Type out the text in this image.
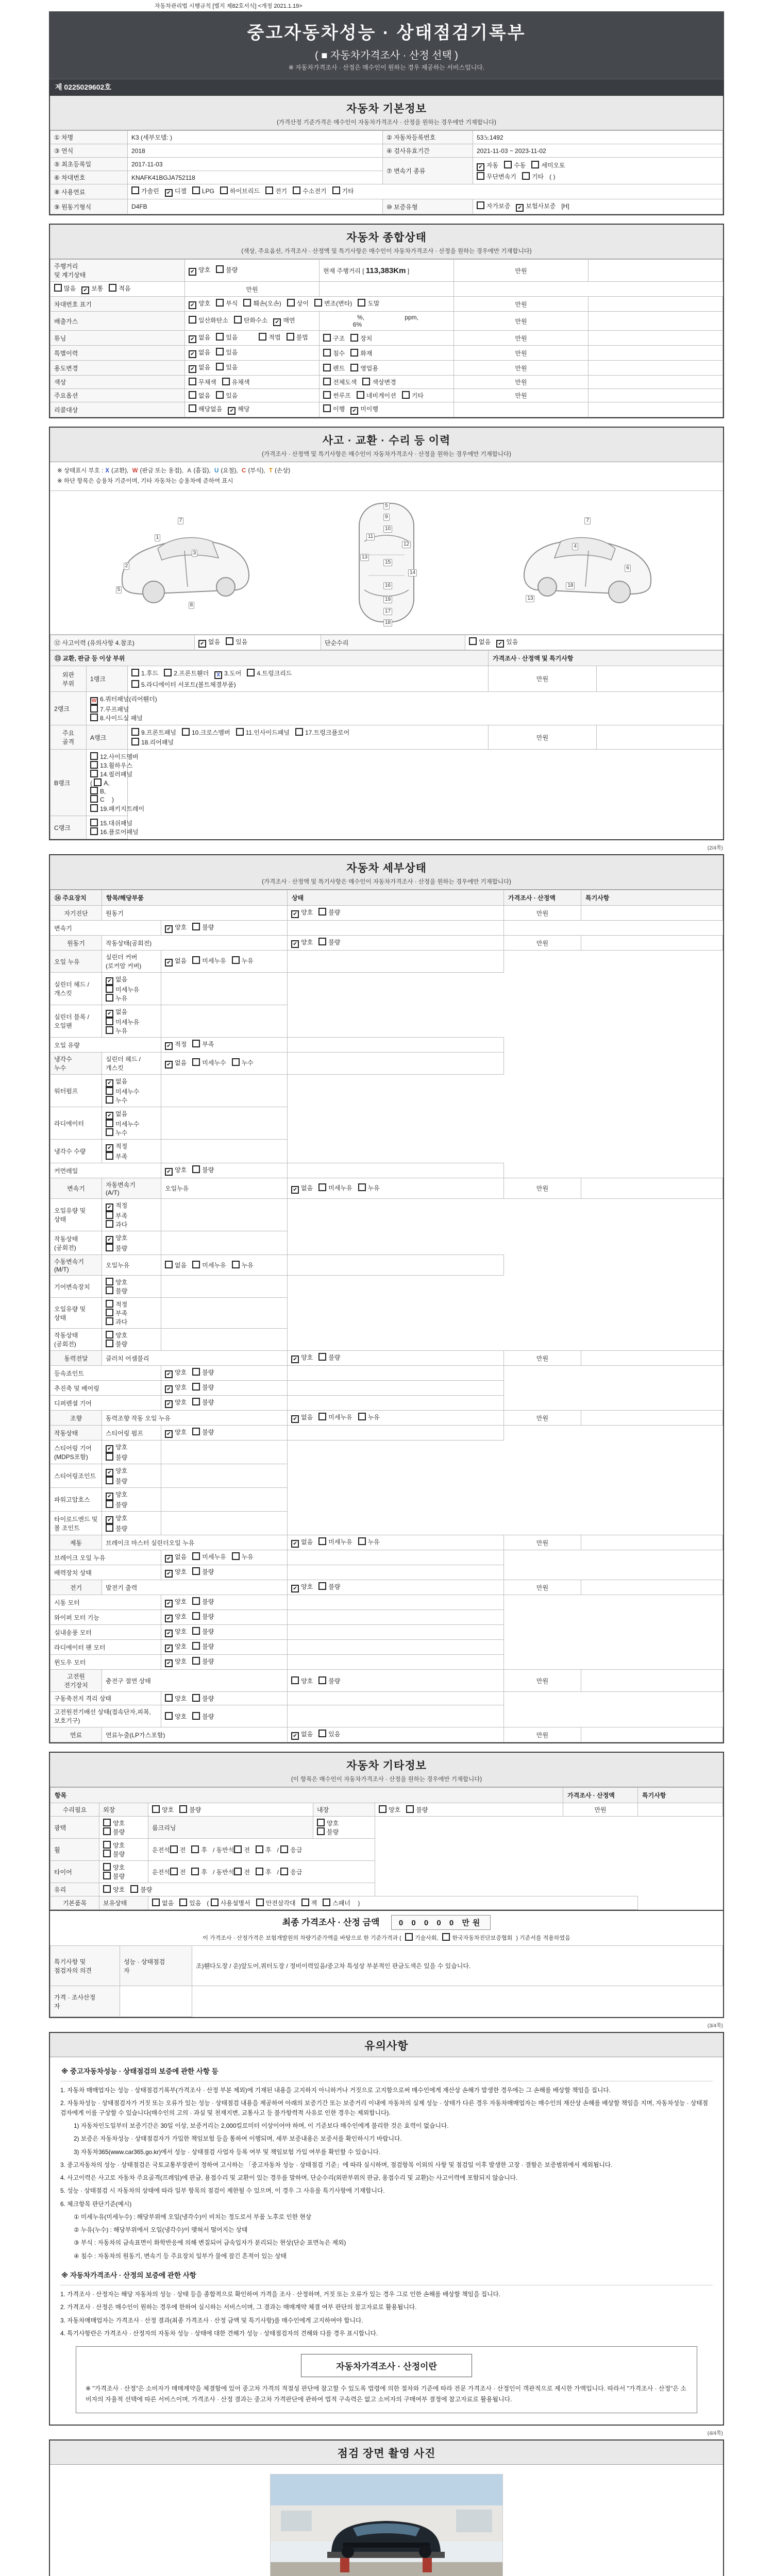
자동차관리법 시행규칙 [별지 제82호서식] <개정 2021.1.19>
중고자동차성능 · 상태점검기록부
( ■ 자동차가격조사 · 산정 선택 )
※ 자동차가격조사 · 산정은 매수인이 원하는 경우 제공하는 서비스입니다.
제 0225029602호
자동차 기본정보
(가격산정 기준가격은 매수인이 자동차가격조사 · 산정을 원하는 경우에만 기재합니다)
① 차명	K3 (세부모델: )	② 자동차등록번호	53노1492
③ 연식	2018	④ 검사유효기간	2021-11-03 ~ 2023-11-02
⑤ 최초등록일	2017-11-03	⑦ 변속기 종류	✔ 자동 수동 세미오토
무단변속기 기타 ( )

⑥ 차대번호	KNAFK41BGJA752118		
⑧ 사용연료	가솔린 ✔ 디젤 LPG 하이브리드 전기 수소전기 기타		
⑨ 원동기형식	D4FB	⑩ 보증유형	자가보증 ✔ 보험사보증 [H]
자동차 종합상태
(색상, 주요옵션, 가격조사 · 산정액 및 특기사항은 매수인이 자동차가격조사 · 산정을 원하는 경우에만 기재합니다)
주행거리
및 계기상태	✔ 양호 불량	현재 주행거리 [ 113,383Km ]	만원	
많음 ✔ 보통 적음	만원			
차대번호 표기	✔ 양호 부식 훼손(오손) 상이 변조(변타) 도말		만원	
배출가스	일산화탄소 탄화수소 ✔ 매연	%, ppm,6%	만원	
튜닝	✔ 없음 있음 적법 불법	구조 장치	만원	
특별이력	✔ 없음 있음	침수 화재	만원	
용도변경	✔ 없음 있음	렌트 영업용	만원	
색상	무채색 유채색	전체도색 색상변경	만원	
주요옵션	없음 있음	썬루프 네비게이션 기타	만원	
리콜대상	해당없음 ✔ 해당	이행 ✔ 미이행		
사고 · 교환 · 수리 등 이력
(가격조사 · 산정액 및 특기사항은 매수인이 자동차가격조사 · 산정을 원하는 경우에만 기재합니다)
※ 상태표시 부호 : X (교환),  W (판금 또는 용접),  A (흠집),  U (요철),  C (부식),  T (손상)
※ 하단 항목은 승용차 기준이며, 기타 자동차는 승용차에 준하여 표시
1
2
3
5
7
8
5
9
10
11
12
13
15
14
16
19
17
18
7
4
6
18
13
⑫ 사고이력 (유의사항 4.참조)	✔ 없음	있음	단순수리	없음 ✔ 있음
⑬ 교환, 판금 등 이상 부위			가격조사 · 산정액 및 특기사항	
외판
부위	1랭크	
1.후드	2.프론트휀더 X 3.도어	4.트렁크리드
5.라디에이터 서포트(볼트체결부품)
	만원	
2랭크	W 6.쿼터패널(리어휀더)7.루프패널8.사이드실 패널			

주요
골격	A랭크	
9.프론트패널	10.크로스멤버	11.인사이드패널	17.트렁크플로어
18.리어패널
	만원	
B랭크	12.사이드멤버13.휠하우스14.필러패널( A,B,C )
19.패키지트레이			

C랭크	15.대쉬패널16.플로어패널			
(2/4쪽)
자동차 세부상태
(가격조사 · 산정액 및 특기사항은 매수인이 자동차가격조사 · 산정을 원하는 경우에만 기재합니다)
⑭ 주요장치	항목/해당부품		상태	가격조사 · 산정액	특기사항
자기진단	원동기		✔ 양호 불량	만원	
변속기		✔ 양호 불량			
원동기	작동상태(공회전)		✔ 양호 불량	만원	
오일 누유	실린더 커버(로커암 커버)	✔ 없음 미세누유 누유			
실린더 헤드 / 개스킷	✔ 없음미세누유누유				
실린더 블록 / 오일팬	✔ 없음미세누유누유				
오일 유량		✔ 적정 부족			
냉각수
누수	실린더 헤드 / 개스킷	✔ 없음 미세누수 누수			
워터펌프	✔ 없음미세누수누수				
라디에이터	✔ 없음미세누수누수				
냉각수 수량	✔ 적정부족				
커먼레일		✔ 양호 불량			
변속기	자동변속기
(A/T)	오일누유	✔ 없음 미세누유 누유	만원	
오일유량 및 상태	✔ 적정부족과다				
작동상태(공회전)	✔ 양호불량				
수동변속기
(M/T)	오일누유	없음 미세누유 누유			
기어변속장치	양호불량				
오일유량 및 상태	적정부족과다				
작동상태(공회전)	양호불량				
동력전달	클러치 어셈블리		✔ 양호 불량	만원	
등속죠인트		✔ 양호 불량			
추진축 및 베어링		✔ 양호 불량			
디퍼렌셜 기어		✔ 양호 불량			
조향	동력조향 작동 오일 누유		✔ 없음 미세누유 누유	만원	
작동상태	스티어링 펌프	✔ 양호 불량			
스티어링 기어(MDPS포함)	✔ 양호불량				
스티어링조인트	✔ 양호불량				
파워고압호스	✔ 양호불량				
타이로드엔드 및 볼 조인트	✔ 양호불량				
제동	브레이크 마스터 실린더오일 누유		✔ 없음 미세누유 누유	만원	
브레이크 오일 누유		✔ 없음 미세누유 누유			
배력장치 상태		✔ 양호 불량			
전기	발전기 출력		✔ 양호 불량	만원	
시동 모터		✔ 양호 불량			
와이퍼 모터 기능		✔ 양호 불량			
실내송풍 모터		✔ 양호 불량			
라디에이터 팬 모터		✔ 양호 불량			
윈도우 모터		✔ 양호 불량			
고전원
전기장치	충전구 절연 상태		양호 불량	만원	
구동축전지 격리 상태		양호 불량			
고전원전기배선 상태(접속단자,피복,보호기구)		양호 불량			
연료	연료누출(LP가스포함)		✔ 없음 있음	만원	
자동차 기타정보
(이 항목은 매수인이 자동차가격조사 · 산정을 원하는 경우에만 기재합니다)
항목					가격조사 · 산정액	특기사항
수리필요	외장	양호 불량	내장	양호 불량	만원	
광택	양호불량	룸크리닝	양호불량			
휠	양호불량	운전석 전 후 / 동반석 전 후 / 응급				
타이어	양호불량	운전석 전 후 / 동반석 전 후 / 응급				
유리	양호 불량					
기본품목	보유상태	없음 있음 ( 사용설명서 안전삼각대 잭 스패너 )				
최종 가격조사 · 산정 금액 0 0 0 0 0 만원
이 가격조사 · 산정가격은 보험개발원의 차량기준가액을 바탕으로 한 기준가격과 ( 기술사회, 한국자동차진단보증협회 ) 기준서를 적용하였음
특기사항 및
점검자의 의견	성능 · 상태점검
자	조)휀다도장 / 운)앞도어,쿼터도장 / 정비이력있음/중고차 특성상 부분적인 판금도색은 있을 수 있습니다.
가격 · 조사산정
자		
(3/4쪽)
유의사항

※ 중고자동차성능 · 상태점검의 보증에 관한 사항 등

1. 자동차 매매업자는 성능 · 상태점검기록부(가격조사 · 산정 부분 제외)에 기재된 내용을 고지하지 아니하거나 거짓으로 고지함으로써 매수인에게 재산상 손해가 발생한 경우에는 그 손해를 배상할 책임을 집니다.

2. 자동차성능 · 상태점검자가 거짓 또는 오류가 있는 성능 · 상태점검 내용을 제공하여 아래의 보증기간 또는 보증거리 이내에 자동차의 실제 성능 · 상태가 다른 경우 자동차매매업자는 매수인의 재산상 손해를 배상할 책임을 지며, 자동차성능 · 상태점검자에게 이를 구상할 수 있습니다(매수인의 고의 · 과실 및 천재지변, 교통사고 등 불가항력적 사유로 인한 경우는 제외합니다).

1) 자동차인도일부터 보증기간은 30일 이상, 보증거리는 2,000킬로미터 이상이어야 하며, 이 기준보다 매수인에게 불리한 것은 효력이 없습니다.

2) 보증은 자동차성능 · 상태점검자가 가입한 책임보험 등을 통하여 이행되며, 세부 보증내용은 보증서를 확인하시기 바랍니다.

3) 자동차365(www.car365.go.kr)에서 성능 · 상태점검 사업자 등록 여부 및 책임보험 가입 여부를 확인할 수 있습니다.

3. 중고자동차의 성능 · 상태점검은 국토교통부장관이 정하여 고시하는 「중고자동차 성능 · 상태점검 기준」에 따라 실시하며, 점검항목 이외의 사항 및 점검일 이후 발생한 고장 · 결함은 보증범위에서 제외됩니다.

4. 사고이력은 사고로 자동차 주요골격(프레임)에 판금, 용접수리 및 교환이 있는 경우를 말하며, 단순수리(외판부위의 판금, 용접수리 및 교환)는 사고이력에 포함되지 않습니다.

5. 성능 · 상태점검 시 자동차의 상태에 따라 일부 항목의 점검이 제한될 수 있으며, 이 경우 그 사유를 특기사항에 기재합니다.

6. 체크항목 판단기준(예시)

① 미세누유(미세누수) : 해당부위에 오일(냉각수)이 비치는 정도로서 부품 노후로 인한 현상

② 누유(누수) : 해당부위에서 오일(냉각수)이 맺혀서 떨어지는 상태

③ 부식 : 자동차의 금속표면이 화학반응에 의해 변질되어 금속입자가 분리되는 현상(단순 표면녹은 제외)

④ 침수 : 자동차의 원동기, 변속기 등 주요장치 일부가 물에 잠긴 흔적이 있는 상태

※ 자동차가격조사 · 산정의 보증에 관한 사항

1. 가격조사 · 산정자는 해당 자동차의 성능 · 상태 등을 종합적으로 확인하여 가격을 조사 · 산정하며, 거짓 또는 오류가 있는 경우 그로 인한 손해를 배상할 책임을 집니다.

2. 가격조사 · 산정은 매수인이 원하는 경우에 한하여 실시하는 서비스이며, 그 결과는 매매계약 체결 여부 판단의 참고자료로 활용됩니다.

3. 자동차매매업자는 가격조사 · 산정 결과(최종 가격조사 · 산정 금액 및 특기사항)를 매수인에게 고지하여야 합니다.

4. 특기사항란은 가격조사 · 산정자의 자동차 성능 · 상태에 대한 견해가 성능 · 상태점검자의 견해와 다를 경우 표시합니다.

자동차가격조사 · 산정이란
※ "가격조사 · 산정"은 소비자가 매매계약을 체결함에 있어 중고차 가격의 적절성 판단에 참고할 수 있도록 법령에 의한 절차와 기준에 따라 전문 가격조사 · 산정인이 객관적으로 제시한 가액입니다. 따라서 "가격조사 · 산정"은 소비자의 자율적 선택에 따른 서비스이며, 가격조사 · 산정 결과는 중고차 가격판단에 관하여 법적 구속력은 없고 소비자의 구매여부 결정에 참고자료로 활용됩니다.
(4/4쪽)
점검 장면 촬영 사진
